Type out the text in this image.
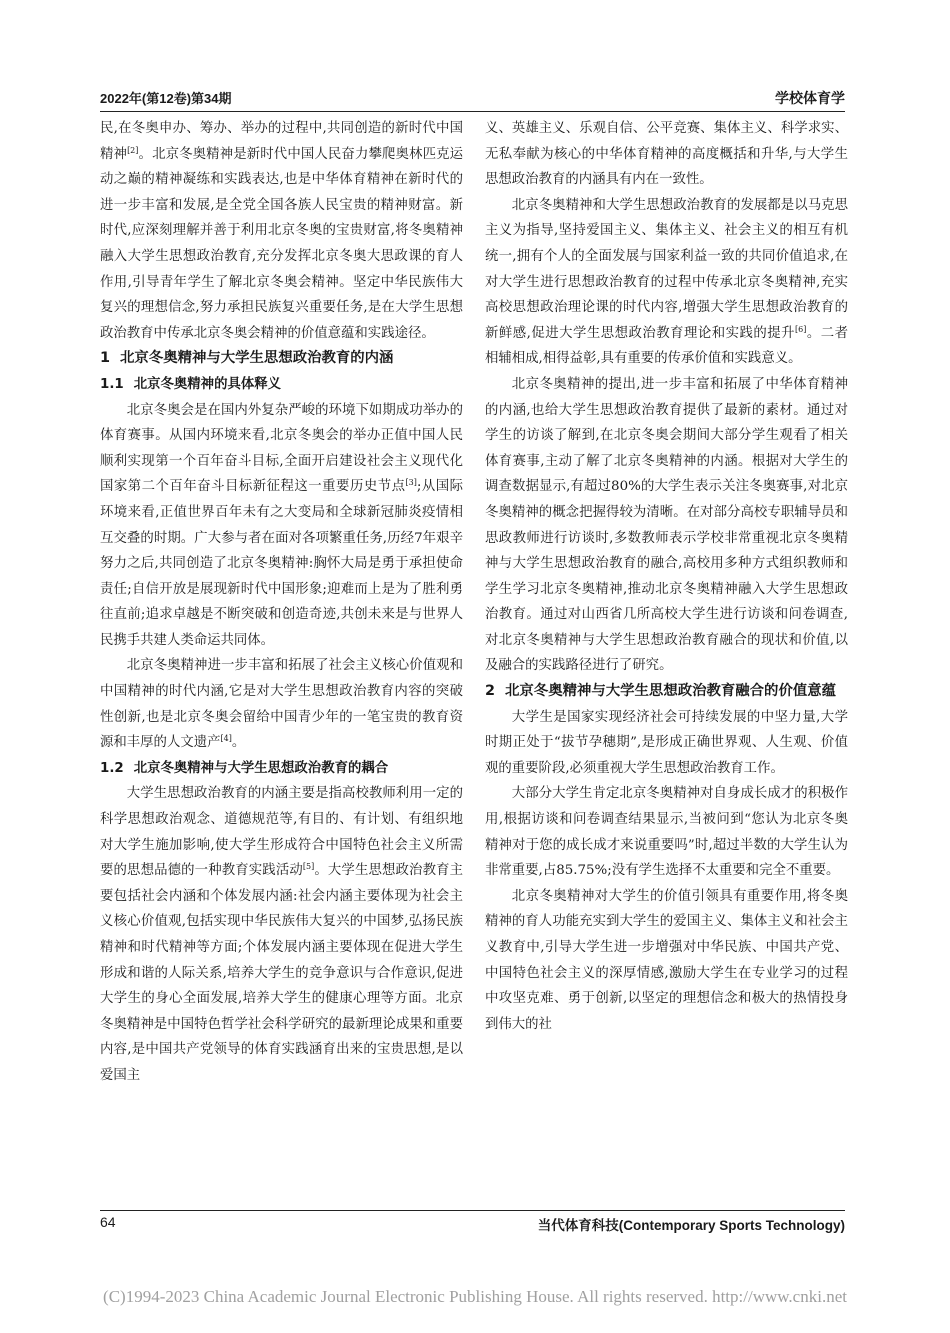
2022年(第12卷)第34期	学校体育学

民,在冬奥申办、筹办、举办的过程中,共同创造的新时代中国精神[2]。北京冬奥精神是新时代中国人民奋力攀爬奥林匹克运动之巅的精神凝练和实践表达,也是中华体育精神在新时代的进一步丰富和发展,是全党全国各族人民宝贵的精神财富。新时代,应深刻理解并善于利用北京冬奥的宝贵财富,将冬奥精神融入大学生思想政治教育,充分发挥北京冬奥大思政课的育人作用,引导青年学生了解北京冬奥会精神。坚定中华民族伟大复兴的理想信念,努力承担民族复兴重要任务,是在大学生思想政治教育中传承北京冬奥会精神的价值意蕴和实践途径。

1 北京冬奥精神与大学生思想政治教育的内涵
1.1 北京冬奥精神的具体释义

北京冬奥会是在国内外复杂严峻的环境下如期成功举办的体育赛事。从国内环境来看,北京冬奥会的举办正值中国人民顺利实现第一个百年奋斗目标,全面开启建设社会主义现代化国家第二个百年奋斗目标新征程这一重要历史节点[3];从国际环境来看,正值世界百年未有之大变局和全球新冠肺炎疫情相互交叠的时期。广大参与者在面对各项繁重任务,历经7年艰辛努力之后,共同创造了北京冬奥精神:胸怀大局是勇于承担使命责任;自信开放是展现新时代中国形象;迎难而上是为了胜利勇往直前;追求卓越是不断突破和创造奇迹,共创未来是与世界人民携手共建人类命运共同体。

北京冬奥精神进一步丰富和拓展了社会主义核心价值观和中国精神的时代内涵,它是对大学生思想政治教育内容的突破性创新,也是北京冬奥会留给中国青少年的一笔宝贵的教育资源和丰厚的人文遗产[4]。

1.2 北京冬奥精神与大学生思想政治教育的耦合

大学生思想政治教育的内涵主要是指高校教师利用一定的科学思想政治观念、道德规范等,有目的、有计划、有组织地对大学生施加影响,使大学生形成符合中国特色社会主义所需要的思想品德的一种教育实践活动[5]。大学生思想政治教育主要包括社会内涵和个体发展内涵:社会内涵主要体现为社会主义核心价值观,包括实现中华民族伟大复兴的中国梦,弘扬民族精神和时代精神等方面;个体发展内涵主要体现在促进大学生形成和谐的人际关系,培养大学生的竞争意识与合作意识,促进大学生的身心全面发展,培养大学生的健康心理等方面。北京冬奥精神是中国特色哲学社会科学研究的最新理论成果和重要内容,是中国共产党领导的体育实践涵育出来的宝贵思想,是以爱国主

义、英雄主义、乐观自信、公平竞赛、集体主义、科学求实、无私奉献为核心的中华体育精神的高度概括和升华,与大学生思想政治教育的内涵具有内在一致性。

北京冬奥精神和大学生思想政治教育的发展都是以马克思主义为指导,坚持爱国主义、集体主义、社会主义的相互有机统一,拥有个人的全面发展与国家利益一致的共同价值追求,在对大学生进行思想政治教育的过程中传承北京冬奥精神,充实高校思想政治理论课的时代内容,增强大学生思想政治教育的新鲜感,促进大学生思想政治教育理论和实践的提升[6]。二者相辅相成,相得益彰,具有重要的传承价值和实践意义。

北京冬奥精神的提出,进一步丰富和拓展了中华体育精神的内涵,也给大学生思想政治教育提供了最新的素材。通过对学生的访谈了解到,在北京冬奥会期间大部分学生观看了相关体育赛事,主动了解了北京冬奥精神的内涵。根据对大学生的调查数据显示,有超过80%的大学生表示关注冬奥赛事,对北京冬奥精神的概念把握得较为清晰。在对部分高校专职辅导员和思政教师进行访谈时,多数教师表示学校非常重视北京冬奥精神与大学生思想政治教育的融合,高校用多种方式组织教师和学生学习北京冬奥精神,推动北京冬奥精神融入大学生思想政治教育。通过对山西省几所高校大学生进行访谈和问卷调查,对北京冬奥精神与大学生思想政治教育融合的现状和价值,以及融合的实践路径进行了研究。

2 北京冬奥精神与大学生思想政治教育融合的价值意蕴

大学生是国家实现经济社会可持续发展的中坚力量,大学时期正处于“拔节孕穗期”,是形成正确世界观、人生观、价值观的重要阶段,必须重视大学生思想政治教育工作。

大部分大学生肯定北京冬奥精神对自身成长成才的积极作用,根据访谈和问卷调查结果显示,当被问到“您认为北京冬奥精神对于您的成长成才来说重要吗”时,超过半数的大学生认为非常重要,占85.75%;没有学生选择不太重要和完全不重要。

北京冬奥精神对大学生的价值引领具有重要作用,将冬奥精神的育人功能充实到大学生的爱国主义、集体主义和社会主义教育中,引导大学生进一步增强对中华民族、中国共产党、中国特色社会主义的深厚情感,激励大学生在专业学习的过程中攻坚克难、勇于创新,以坚定的理想信念和极大的热情投身到伟大的社

64	当代体育科技(Contemporary Sports Technology)
(C)1994-2023 China Academic Journal Electronic Publishing House. All rights reserved. http://www.cnki.net
